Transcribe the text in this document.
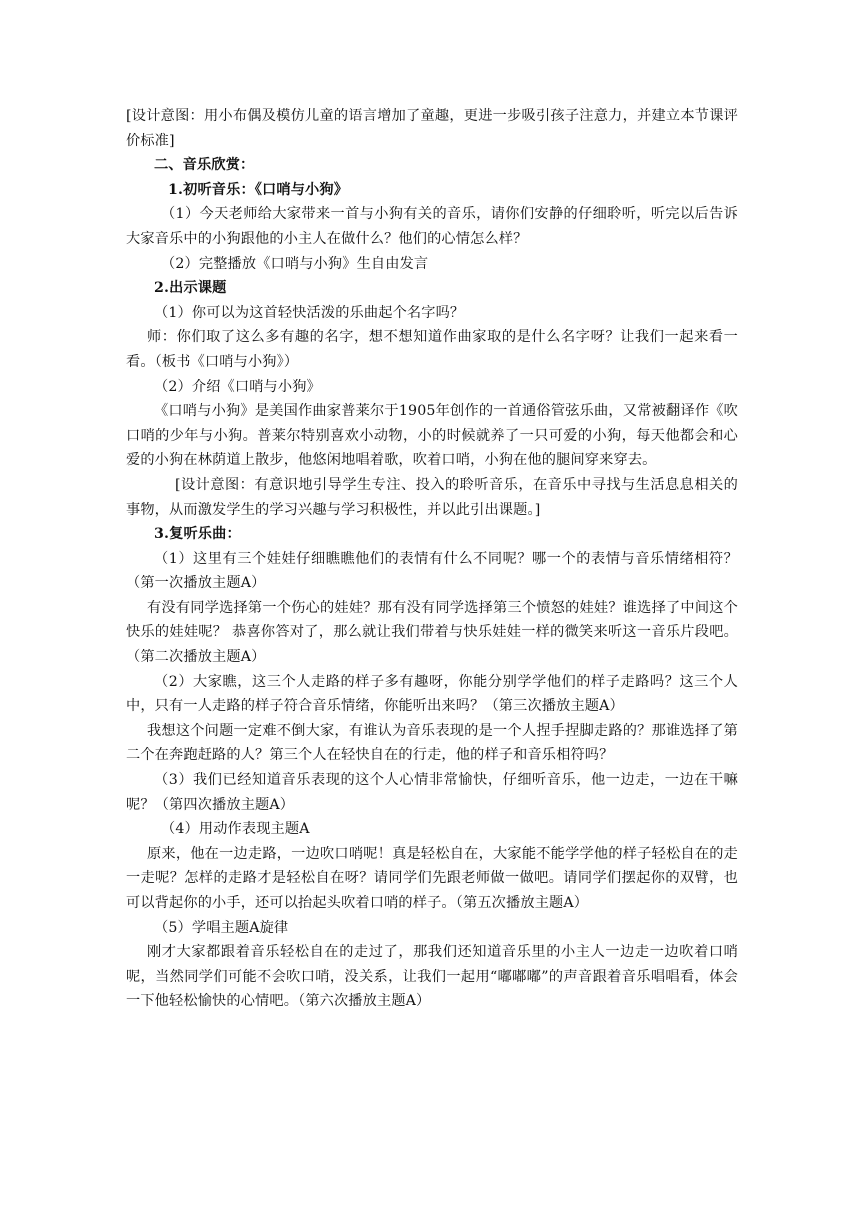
[设计意图：用小布偶及模仿儿童的语言增加了童趣，更进一步吸引孩子注意力，并建立本节课评价标准]

二、音乐欣赏：

1.初听音乐：《口哨与小狗》

（1）今天老师给大家带来一首与小狗有关的音乐，请你们安静的仔细聆听，听完以后告诉大家音乐中的小狗跟他的小主人在做什么？他们的心情怎么样？

（2）完整播放《口哨与小狗》生自由发言

2.出示课题

（1）你可以为这首轻快活泼的乐曲起个名字吗？

师：你们取了这么多有趣的名字，想不想知道作曲家取的是什么名字呀？让我们一起来看一看。（板书《口哨与小狗》）

（2）介绍《口哨与小狗》

《口哨与小狗》是美国作曲家普莱尔于1905年创作的一首通俗管弦乐曲，又常被翻译作《吹口哨的少年与小狗。普莱尔特别喜欢小动物，小的时候就养了一只可爱的小狗，每天他都会和心爱的小狗在林荫道上散步，他悠闲地唱着歌，吹着口哨，小狗在他的腿间穿来穿去。

[设计意图：有意识地引导学生专注、投入的聆听音乐，在音乐中寻找与生活息息相关的事物，从而激发学生的学习兴趣与学习积极性，并以此引出课题。]

3.复听乐曲：

（1）这里有三个娃娃仔细瞧瞧他们的表情有什么不同呢？哪一个的表情与音乐情绪相符？（第一次播放主题A）

有没有同学选择第一个伤心的娃娃？那有没有同学选择第三个愤怒的娃娃？谁选择了中间这个快乐的娃娃呢？ 恭喜你答对了，那么就让我们带着与快乐娃娃一样的微笑来听这一音乐片段吧。（第二次播放主题A）

（2）大家瞧，这三个人走路的样子多有趣呀，你能分别学学他们的样子走路吗？这三个人中，只有一人走路的样子符合音乐情绪，你能听出来吗？（第三次播放主题A）

我想这个问题一定难不倒大家，有谁认为音乐表现的是一个人捏手捏脚走路的？那谁选择了第二个在奔跑赶路的人？第三个人在轻快自在的行走，他的样子和音乐相符吗？

（3）我们已经知道音乐表现的这个人心情非常愉快，仔细听音乐，他一边走，一边在干嘛呢？（第四次播放主题A）

（4）用动作表现主题A

原来，他在一边走路，一边吹口哨呢！真是轻松自在，大家能不能学学他的样子轻松自在的走一走呢？怎样的走路才是轻松自在呀？请同学们先跟老师做一做吧。请同学们摆起你的双臂，也可以背起你的小手，还可以抬起头吹着口哨的样子。（第五次播放主题A）

（5）学唱主题A旋律

刚才大家都跟着音乐轻松自在的走过了，那我们还知道音乐里的小主人一边走一边吹着口哨呢，当然同学们可能不会吹口哨，没关系，让我们一起用“嘟嘟嘟”的声音跟着音乐唱唱看，体会一下他轻松愉快的心情吧。（第六次播放主题A）
